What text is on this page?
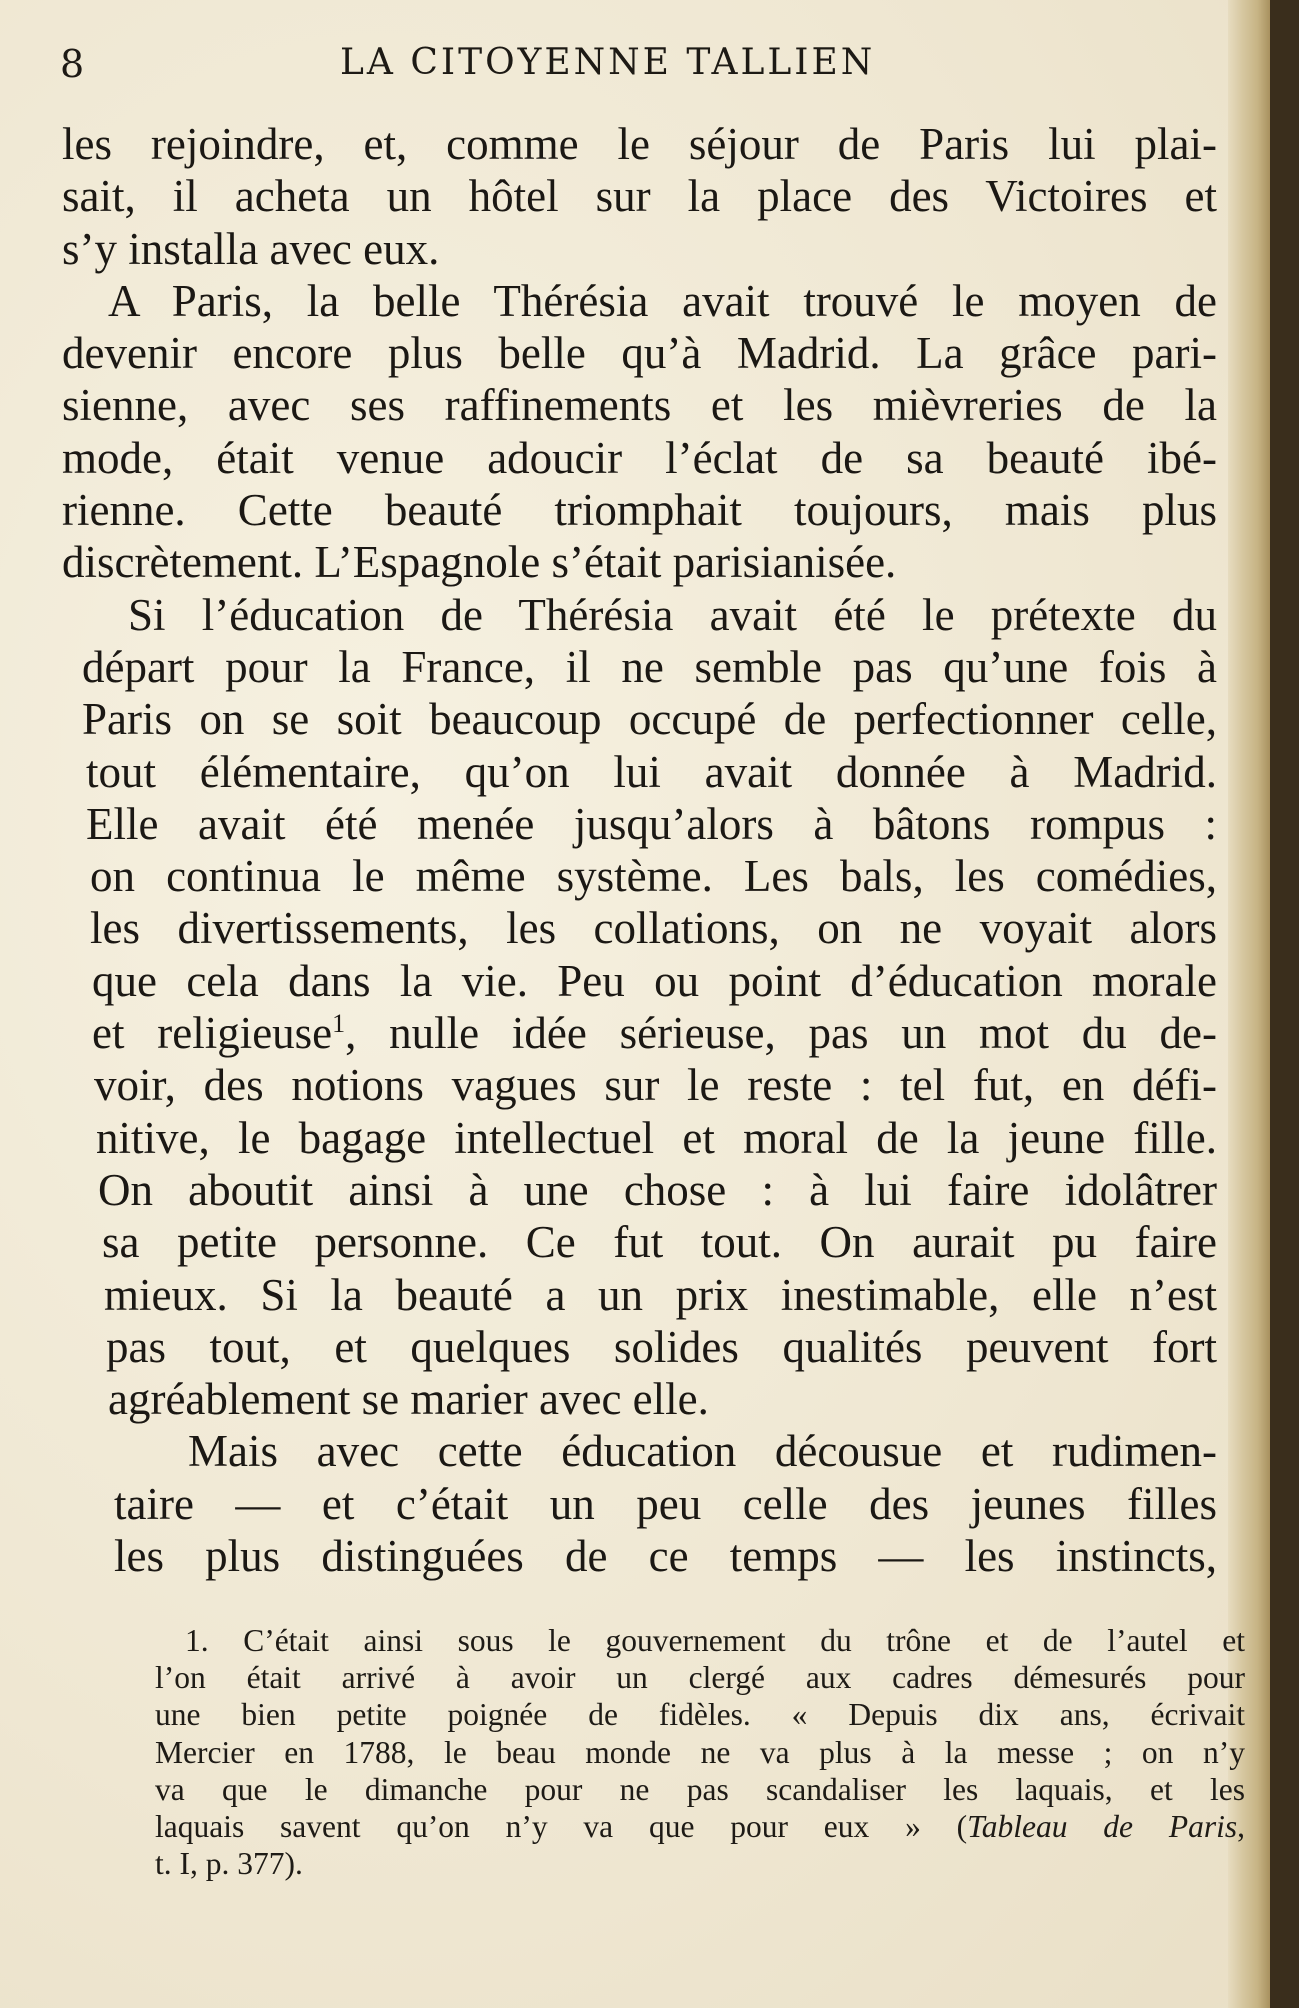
8	LA CITOYENNE TALLIEN

les rejoindre, et, comme le séjour de Paris lui plai-
sait, il acheta un hôtel sur la place des Victoires et
s’y installa avec eux.

A Paris, la belle Thérésia avait trouvé le moyen de
devenir encore plus belle qu’à Madrid. La grâce pari-
sienne, avec ses raffinements et les mièvreries de la
mode, était venue adoucir l’éclat de sa beauté ibé-
rienne. Cette beauté triomphait toujours, mais plus
discrètement. L’Espagnole s’était parisianisée.

Si l’éducation de Thérésia avait été le prétexte du
départ pour la France, il ne semble pas qu’une fois à
Paris on se soit beaucoup occupé de perfectionner celle,
tout élémentaire, qu’on lui avait donnée à Madrid.
Elle avait été menée jusqu’alors à bâtons rompus :
on continua le même système. Les bals, les comédies,
les divertissements, les collations, on ne voyait alors
que cela dans la vie. Peu ou point d’éducation morale
et religieuse$^1$, nulle idée sérieuse, pas un mot du de-
voir, des notions vagues sur le reste : tel fut, en défi-
nitive, le bagage intellectuel et moral de la jeune fille.
On aboutit ainsi à une chose : à lui faire idolâtrer
sa petite personne. Ce fut tout. On aurait pu faire
mieux. Si la beauté a un prix inestimable, elle n’est
pas tout, et quelques solides qualités peuvent fort
agréablement se marier avec elle.

Mais avec cette éducation décousue et rudimen-
taire — et c’était un peu celle des jeunes filles
les plus distinguées de ce temps — les instincts,

1. C’était ainsi sous le gouvernement du trône et de l’autel et
l’on était arrivé à avoir un clergé aux cadres démesurés pour
une bien petite poignée de fidèles. « Depuis dix ans, écrivait
Mercier en 1788, le beau monde ne va plus à la messe ; on n’y
va que le dimanche pour ne pas scandaliser les laquais, et les
laquais savent qu’on n’y va que pour eux » (Tableau de Paris,
t. I, p. 377).
